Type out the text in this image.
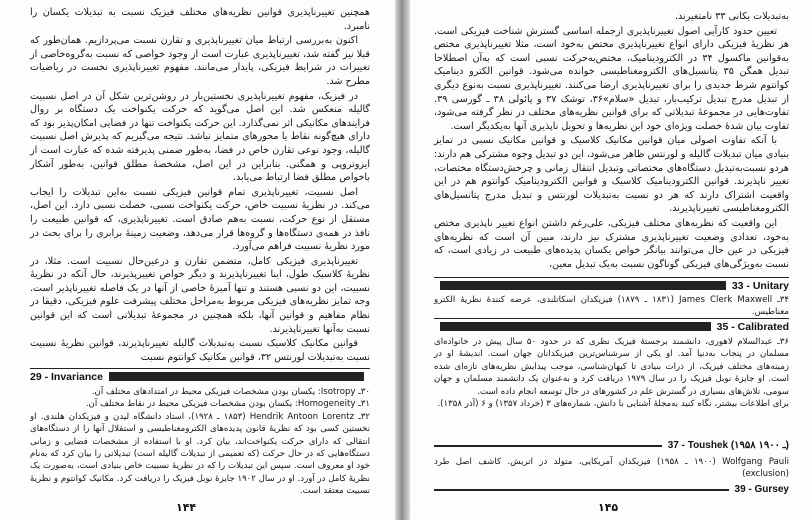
همچنین تغییرناپذیری قوانین نظریه‌های مختلف فیزیک نسبت به تبدیلات یکسان را نامبرد.

اکنون به‌بررسی ارتباط میان تغییرناپذیری و تقارن نسبت می‌پردازیم. همان‌طور که قبلا نیز گفته شد، تغییرناپذیری عبارت است از وجود خواصی که نسبت به‌گروه‌خاصی از تغییرات در شرایط فیزیکی، پایدار می‌مانند. مفهوم تغییرناپذیری نخست در ریاضیات مطرح شد.

در فیزیک، مفهوم تغییرناپذیری نخستین‌بار در روشن‌ترین شکل آن در اصل نسبیت گالیله منعکس شد. این اصل می‌گوید که حرکت یکنواخت یک دستگاه بر روال فرایندهای مکانیکی اثر نمی‌گذارد. این حرکت یکنواخت تنها در فضایی امکان‌پذیر بود که دارای هیچ‌گونه نقاط یا محورهای متمایز نباشد. نتیجه می‌گیریم که پذیرش اصل نسبیت گالیله، وجود نوعی تقارن خاص در فضا، به‌طور ضمنی پذیرفته شده که عبارت است از ایزوتروپی و همگنی. بنابراین در این اصل، مشخصهٔ مطلق قوانین، به‌طور آشکار باخواص مطلق فضا ارتباط می‌یابد.

اصل نسبیت، تغییرناپذیری تمام قوانین فیزیکی نسبت به‌این تبدیلات را ایجاب می‌کند. در نظریهٔ نسبیت خاص، حرکت یکنواخت نسبی، خصلت نسبی دارد. این اصل، مستقل از نوع حرکت، نسبت به‌هم صادق است. تغییرناپذیری، که قوانین طبیعت را نافذ در همه‌ی دستگاه‌ها و گروه‌ها قرار می‌دهد، وضعیت زمینهٔ برابری را برای بحث در مورد نظریهٔ نسبیت فراهم می‌آورد.

تغییرناپذیری فیزیکی کامل، متضمن تقارن و درعین‌حال نسبیت است. مثلا، در نظریهٔ کلاسیک طول، اینا تغییرناپذیرند و دیگر خواص تغییرپذیرند، حال آنکه در نظریهٔ نسبیت، این دو نسبی هستند و تنها آمیزهٔ خاصی از آنها در یک فاصله تغییرناپذیر است. وجه تمایز نظریه‌های فیزیکی مربوط به‌مراحل مختلف پیشرفت علوم فیزیکی، دقیقا در نظام مفاهیم و قوانین آنها، بلکه همچنین در مجموعهٔ تبدیلاتی است که این قوانین نسبت به‌آنها تغییرناپذیرند.

قوانین مکانیک کلاسیک نسبت به‌تبدیلات گالیله تغییرناپذیرند، قوانین نظریهٔ نسبیت نسبت به‌تبدیلات لورنتس ۳۲، قوانین مکانیک کوانتوم نسبت

29 - Invariance

۳۰ـ Isotropy: یکسان بودن مشخصات فیزیکی محیط در امتدادهای مختلف آن.

۳۱ـ Homogeneity: یکسان بودن مشخصات فیزیکی محیط در نقاط مختلف آن.

۳۲ـ Hendrik Antoon Lorentz (۱۸۵۳ ـ ۱۹۲۸)، استاد دانشگاه لیدن و فیزیکدان هلندی. او نخستین کسی بود که نظریهٔ قانون پدیده‌های الکترومغناطیسی و استقلال آنها را از دستگاه‌های انتقالی که دارای حرکت یکنواخت‌اند، بیان کرد. او با استفاده از مشخصات فضایی و زمانی دستگاه‌هایی که در حال حرکت (که تعمیمی از تبدیلات گالیله است) تبدیلاتی را بیان کرد که به‌نام خود او معروف است. سپس این تبدیلات را که در نظریهٔ نسبیت خاص بنیادی است، به‌صورت یک نظریهٔ کامل در آورد. او در سال ۱۹۰۲ جایزهٔ نوبل فیزیک را دریافت کرد. مکانیک کوانتوم و نظریهٔ نسبیت معتقد است.

۱۴۴

به‌تبدیلات یکانی ۳۳ نامتغیرند.

تعیین حدود کارآیی اصول تغییرناپذیری ازجمله اساسی گسترش شناخت فیزیکی است. هر نظریهٔ فیزیکی دارای انواع تغییرناپذیری مختص به‌خود است، مثلا تغییرناپذیری مختص به‌قوانین ماکسول ۳۴ در الکترودینامیک، مختص‌به‌حرکت نسبی است که به‌آن اصطلاحا تبدیل همگن ۳۵ پتانسیل‌های الکترومغناطیسی خوانده می‌شود. قوانین الکترو دینامیک کوانتوم شرط جدیدی را برای تغییرناپذیری ارضا می‌کنند. تغییرناپذیری نسبت به‌نوع دیگری از تبدیل مدرج تبدیل ترکیب‌بار، تبدیل «سلام»۳۶، توشک ۳۷ و پائولی ۳۸ ـ گورسی ۳۹. تفاوت‌هایی در مجموعهٔ تبدیلاتی که برای قوانین نظریه‌های مختلف در نظر گرفته می‌شود، تفاوت بیان شدهٔ خصلت ویژه‌ای خود این نظریه‌ها و تحویل ناپذیری آنها به‌یکدیگر است.

با آنکه تفاوت اصولی میان قوانین مکانیک کلاسیک و قوانین مکانیک نسبی در تمایز بنیادی میان تبدیلات گالیله و لورنتس ظاهر می‌شود، این دو تبدیل وجوه مشترکی هم دارند: هردو نسبت‌به‌تبدیل دستگاه‌های مختصاتی وتبدیل انتقال زمانی و چرخش‌دستگاه مختصات، تغییر ناپذیرند. قوانین الکترودینامیک کلاسیک و قوانین الکترودینامیک کوانتوم هم در این واقعیت اشتراک دارند که هر دو نسبت به‌تبدیلات لورنتس و تبدیل مدرج پتانسیل‌های الکترومغناطیسی تغییرناپذیرند.

این واقعیت که نظریه‌های مختلف فیزیکی، علی‌رغم داشتن انواع تغییر ناپذیری مختص به‌خود، تعدادی وضعیت تغییرناپذیری مشترک نیز دارند، مبین آن است که نظریه‌های فیزیکی در عین حال می‌توانند بیانگر خواص یکسان پدیده‌های طبیعت در زیادی است، که نسبت به‌ویژگی‌های فیزیکی گوناگون نسبت به‌یک تبدیل معین،

33 - Unitary

۳۴ـ James Clerk Maxwell (۱۸۳۱ ـ ۱۸۷۹) فیزیکدان اسکاتلندی، عرضه کنندهٔ نظریهٔ الکترو مغناطیس.

35 - Calibrated

۳۶ـ عبدالسلام لاهوری، دانشمند برجستهٔ فیزیک نظری که در حدود ۵۰ سال پیش در خانواده‌ای مسلمان در پنجاب به‌دنیا آمد. او یکی از سرشناس‌ترین فیزیکدانان جهان است. اندیشهٔ او در زمینه‌های مختلف فیزیک، از ذرات بنیادی تا کیهان‌شناسی، موجب پیدایش نظریه‌های تازه‌ای شده است. او جایزهٔ نوبل فیزیک را در سال ۱۹۷۹ دریافت کرد و به‌عنوان یک دانشمند مسلمان و جهان سومی، تلاش‌های بسیاری در گسترش علم در کشورهای در حال توسعه انجام داده است.

برای اطلاعات بیشتر، نگاه کنید به‌مجلهٔ آشنایی با دانش، شماره‌های ۳ (خرداد ۱۳۵۷) و ۶ (آذر ۱۳۵۸).

37 - Toushek (۱۹۵۸ ـ ۱۹۰۰)

Wolfgang Pauli (۱۹۰۰ ـ ۱۹۵۸) فیزیکدان آمریکایی، متولد در اتریش. کاشف اصل طرد (exclusion)

39 - Gursey
۱۴۵
